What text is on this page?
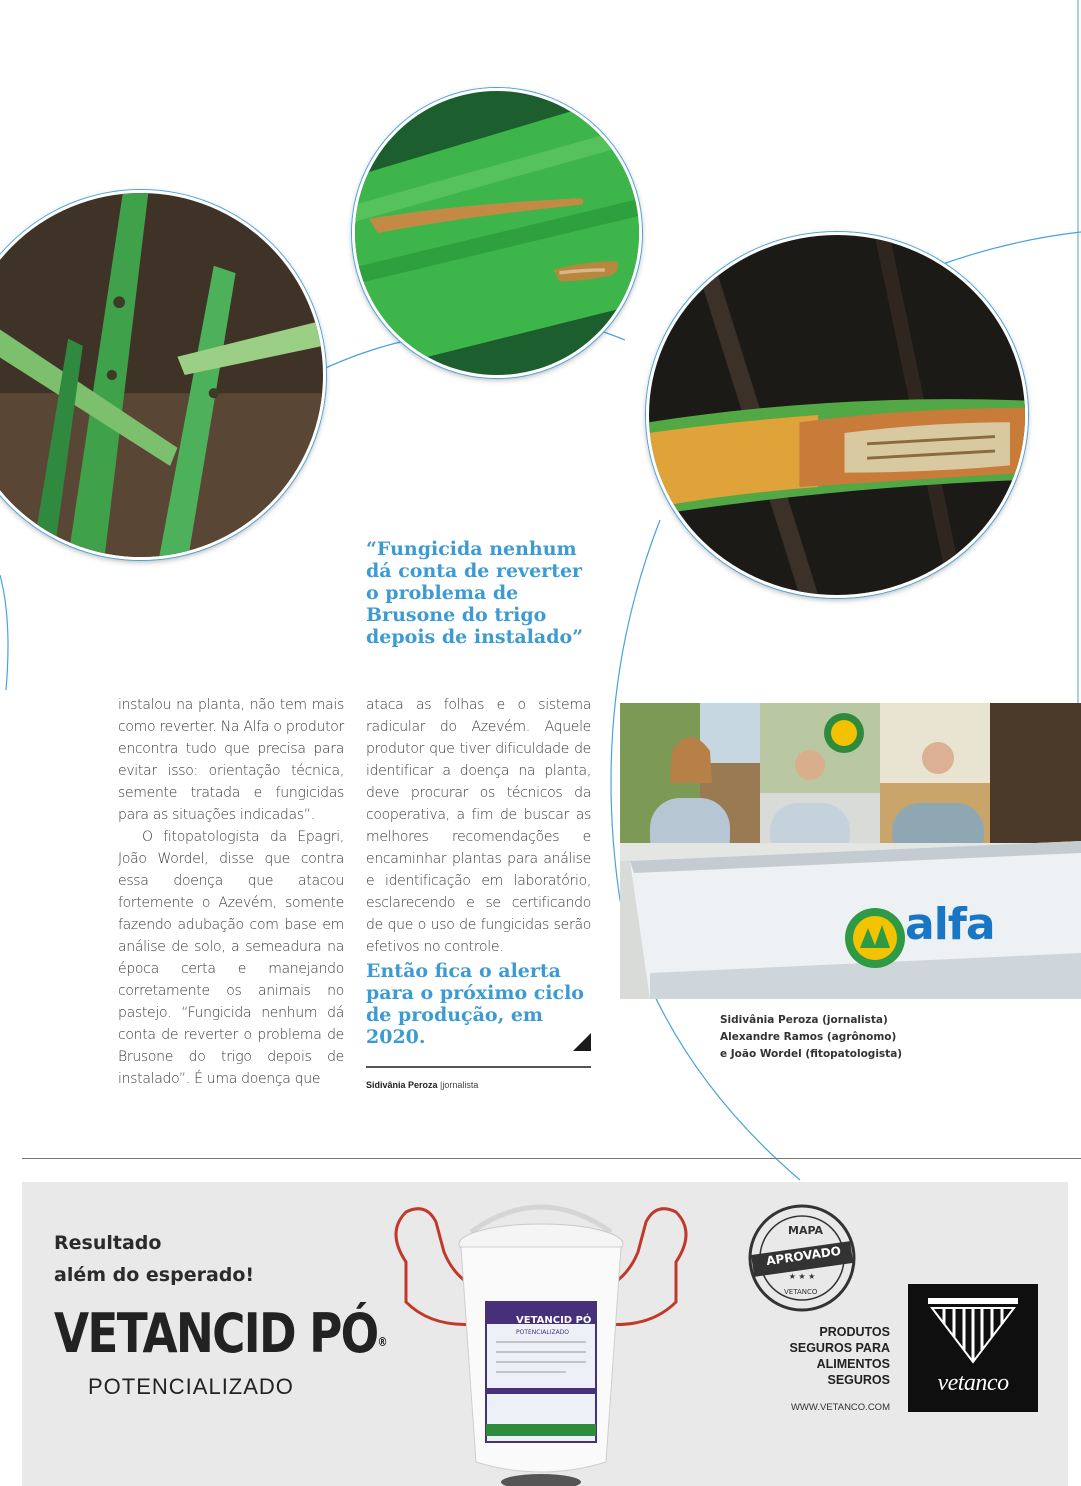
“Fungicida nenhum dá conta de reverter o problema de Brusone do trigo depois de instalado”

instalou na planta, não tem mais como reverter. Na Alfa o produtor encontra tudo que precisa para evitar isso: orientação técnica, semente tratada e fungicidas para as situações indicadas”.

O fitopatologista da Epagri, João Wordel, disse que contra essa doença que atacou fortemente o Azevém, somente fazendo adubação com base em análise de solo, a semeadura na época certa e manejando corretamente os animais no pastejo. “Fungicida nenhum dá conta de reverter o problema de Brusone do trigo depois de instalado”. É uma doença que

ataca as folhas e o sistema radicular do Azevém. Aquele produtor que tiver dificuldade de identificar a doença na planta, deve procurar os técnicos da cooperativa, a fim de buscar as melhores recomendações e encaminhar plantas para análise e identificação em laboratório, esclarecendo e se certificando de que o uso de fungicidas serão efetivos no controle.

Então fica o alerta para o próximo ciclo de produção, em 2020.
Sidivânia Peroza |jornalista
alfa
Sidivânia Peroza (jornalista)
Alexandre Ramos (agrônomo)
e João Wordel (fitopatologista)
Resultado
além do esperado!
VETANCID PÓ®
POTENCIALIZADO
VETANCID PÓ
POTENCIALIZADO
★ ★ ★
MAPA
APROVADO
VETANCO
PRODUTOS
SEGUROS PARA
ALIMENTOS
SEGUROS
WWW.VETANCO.COM
vetanco
